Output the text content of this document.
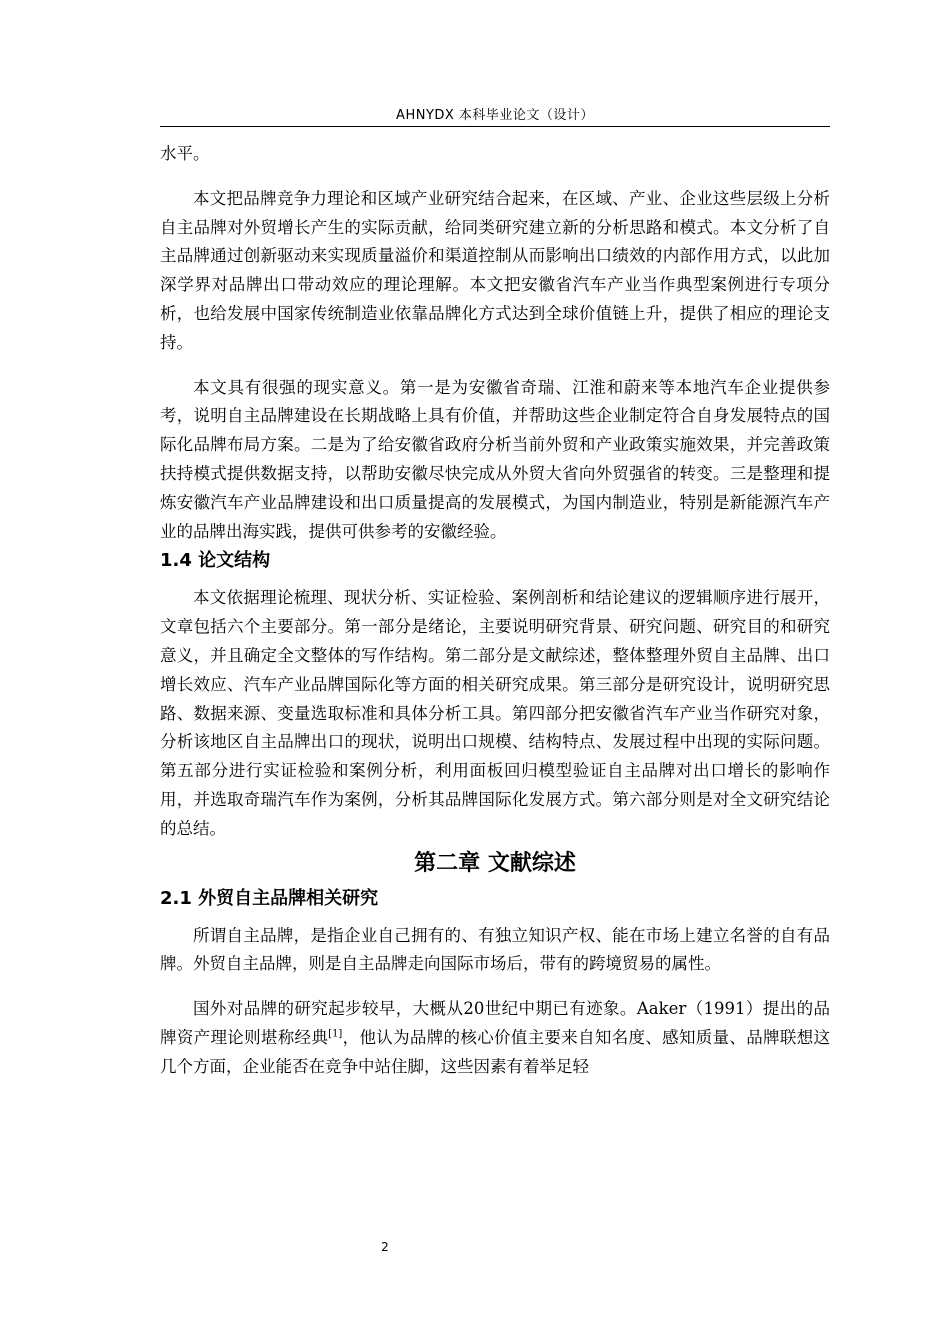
AHNYDX 本科毕业论文（设计）

水平。

本文把品牌竞争力理论和区域产业研究结合起来，在区域、产业、企业这些层级上分析自主品牌对外贸增长产生的实际贡献，给同类研究建立新的分析思路和模式。本文分析了自主品牌通过创新驱动来实现质量溢价和渠道控制从而影响出口绩效的内部作用方式，以此加深学界对品牌出口带动效应的理论理解。本文把安徽省汽车产业当作典型案例进行专项分析，也给发展中国家传统制造业依靠品牌化方式达到全球价值链上升，提供了相应的理论支持。

本文具有很强的现实意义。第一是为安徽省奇瑞、江淮和蔚来等本地汽车企业提供参考，说明自主品牌建设在长期战略上具有价值，并帮助这些企业制定符合自身发展特点的国际化品牌布局方案。二是为了给安徽省政府分析当前外贸和产业政策实施效果，并完善政策扶持模式提供数据支持，以帮助安徽尽快完成从外贸大省向外贸强省的转变。三是整理和提炼安徽汽车产业品牌建设和出口质量提高的发展模式，为国内制造业，特别是新能源汽车产业的品牌出海实践，提供可供参考的安徽经验。

1.4 论文结构

本文依据理论梳理、现状分析、实证检验、案例剖析和结论建议的逻辑顺序进行展开，文章包括六个主要部分。第一部分是绪论，主要说明研究背景、研究问题、研究目的和研究意义，并且确定全文整体的写作结构。第二部分是文献综述，整体整理外贸自主品牌、出口增长效应、汽车产业品牌国际化等方面的相关研究成果。第三部分是研究设计，说明研究思路、数据来源、变量选取标准和具体分析工具。第四部分把安徽省汽车产业当作研究对象，分析该地区自主品牌出口的现状，说明出口规模、结构特点、发展过程中出现的实际问题。第五部分进行实证检验和案例分析，利用面板回归模型验证自主品牌对出口增长的影响作用，并选取奇瑞汽车作为案例，分析其品牌国际化发展方式。第六部分则是对全文研究结论的总结。

第二章 文献综述

2.1 外贸自主品牌相关研究

所谓自主品牌，是指企业自己拥有的、有独立知识产权、能在市场上建立名誉的自有品牌。外贸自主品牌，则是自主品牌走向国际市场后，带有的跨境贸易的属性。

国外对品牌的研究起步较早，大概从20世纪中期已有迹象。Aaker（1991）提出的品牌资产理论则堪称经典[1]，他认为品牌的核心价值主要来自知名度、感知质量、品牌联想这几个方面，企业能否在竞争中站住脚，这些因素有着举足轻

2
